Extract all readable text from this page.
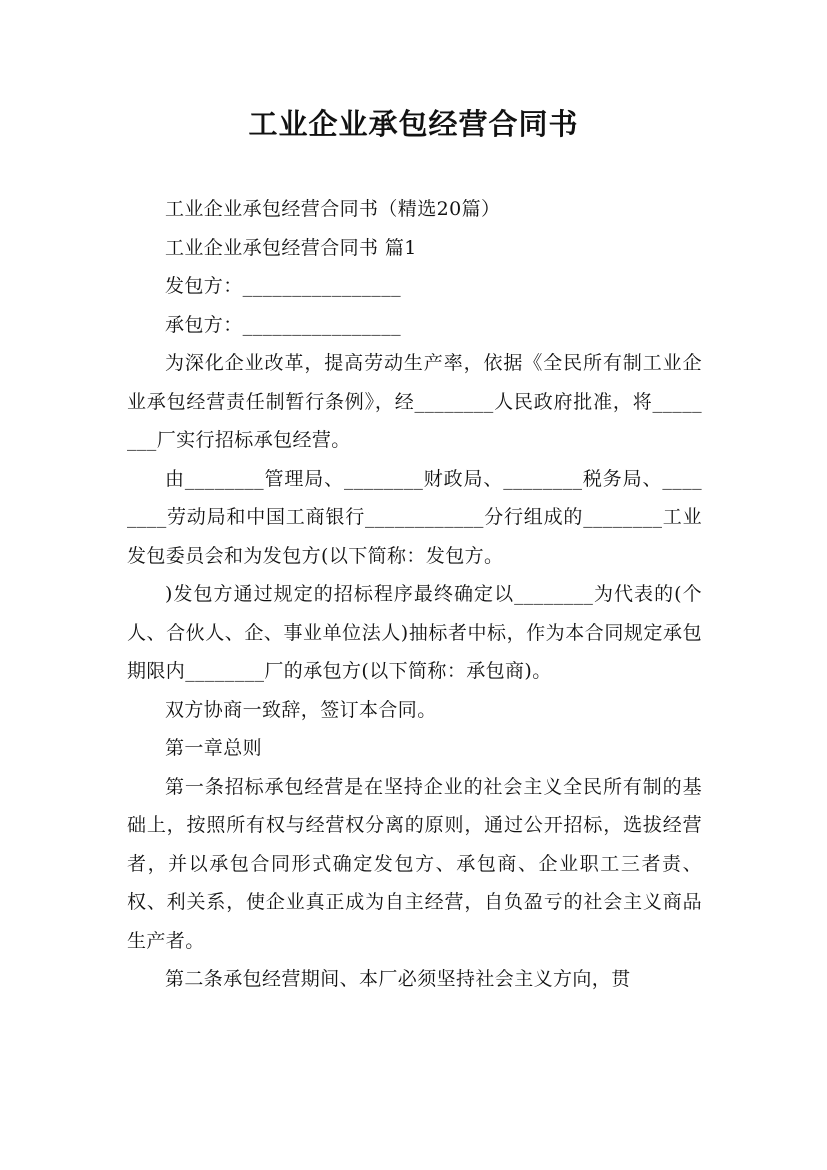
工业企业承包经营合同书

工业企业承包经营合同书（精选20篇）

工业企业承包经营合同书 篇1

发包方：________________

承包方：________________

为深化企业改革，提高劳动生产率，依据《全民所有制工业企业承包经营责任制暂行条例》，经________人民政府批准，将________厂实行招标承包经营。

由________管理局、________财政局、________税务局、________劳动局和中国工商银行____________分行组成的________工业发包委员会和为发包方(以下简称：发包方。

)发包方通过规定的招标程序最终确定以________为代表的(个人、合伙人、企、事业单位法人)抽标者中标，作为本合同规定承包期限内________厂的承包方(以下简称：承包商)。

双方协商一致辞，签订本合同。

第一章总则

第一条招标承包经营是在坚持企业的社会主义全民所有制的基础上，按照所有权与经营权分离的原则，通过公开招标，选拔经营者，并以承包合同形式确定发包方、承包商、企业职工三者责、权、利关系，使企业真正成为自主经营，自负盈亏的社会主义商品生产者。

第二条承包经营期间、本厂必须坚持社会主义方向，贯
